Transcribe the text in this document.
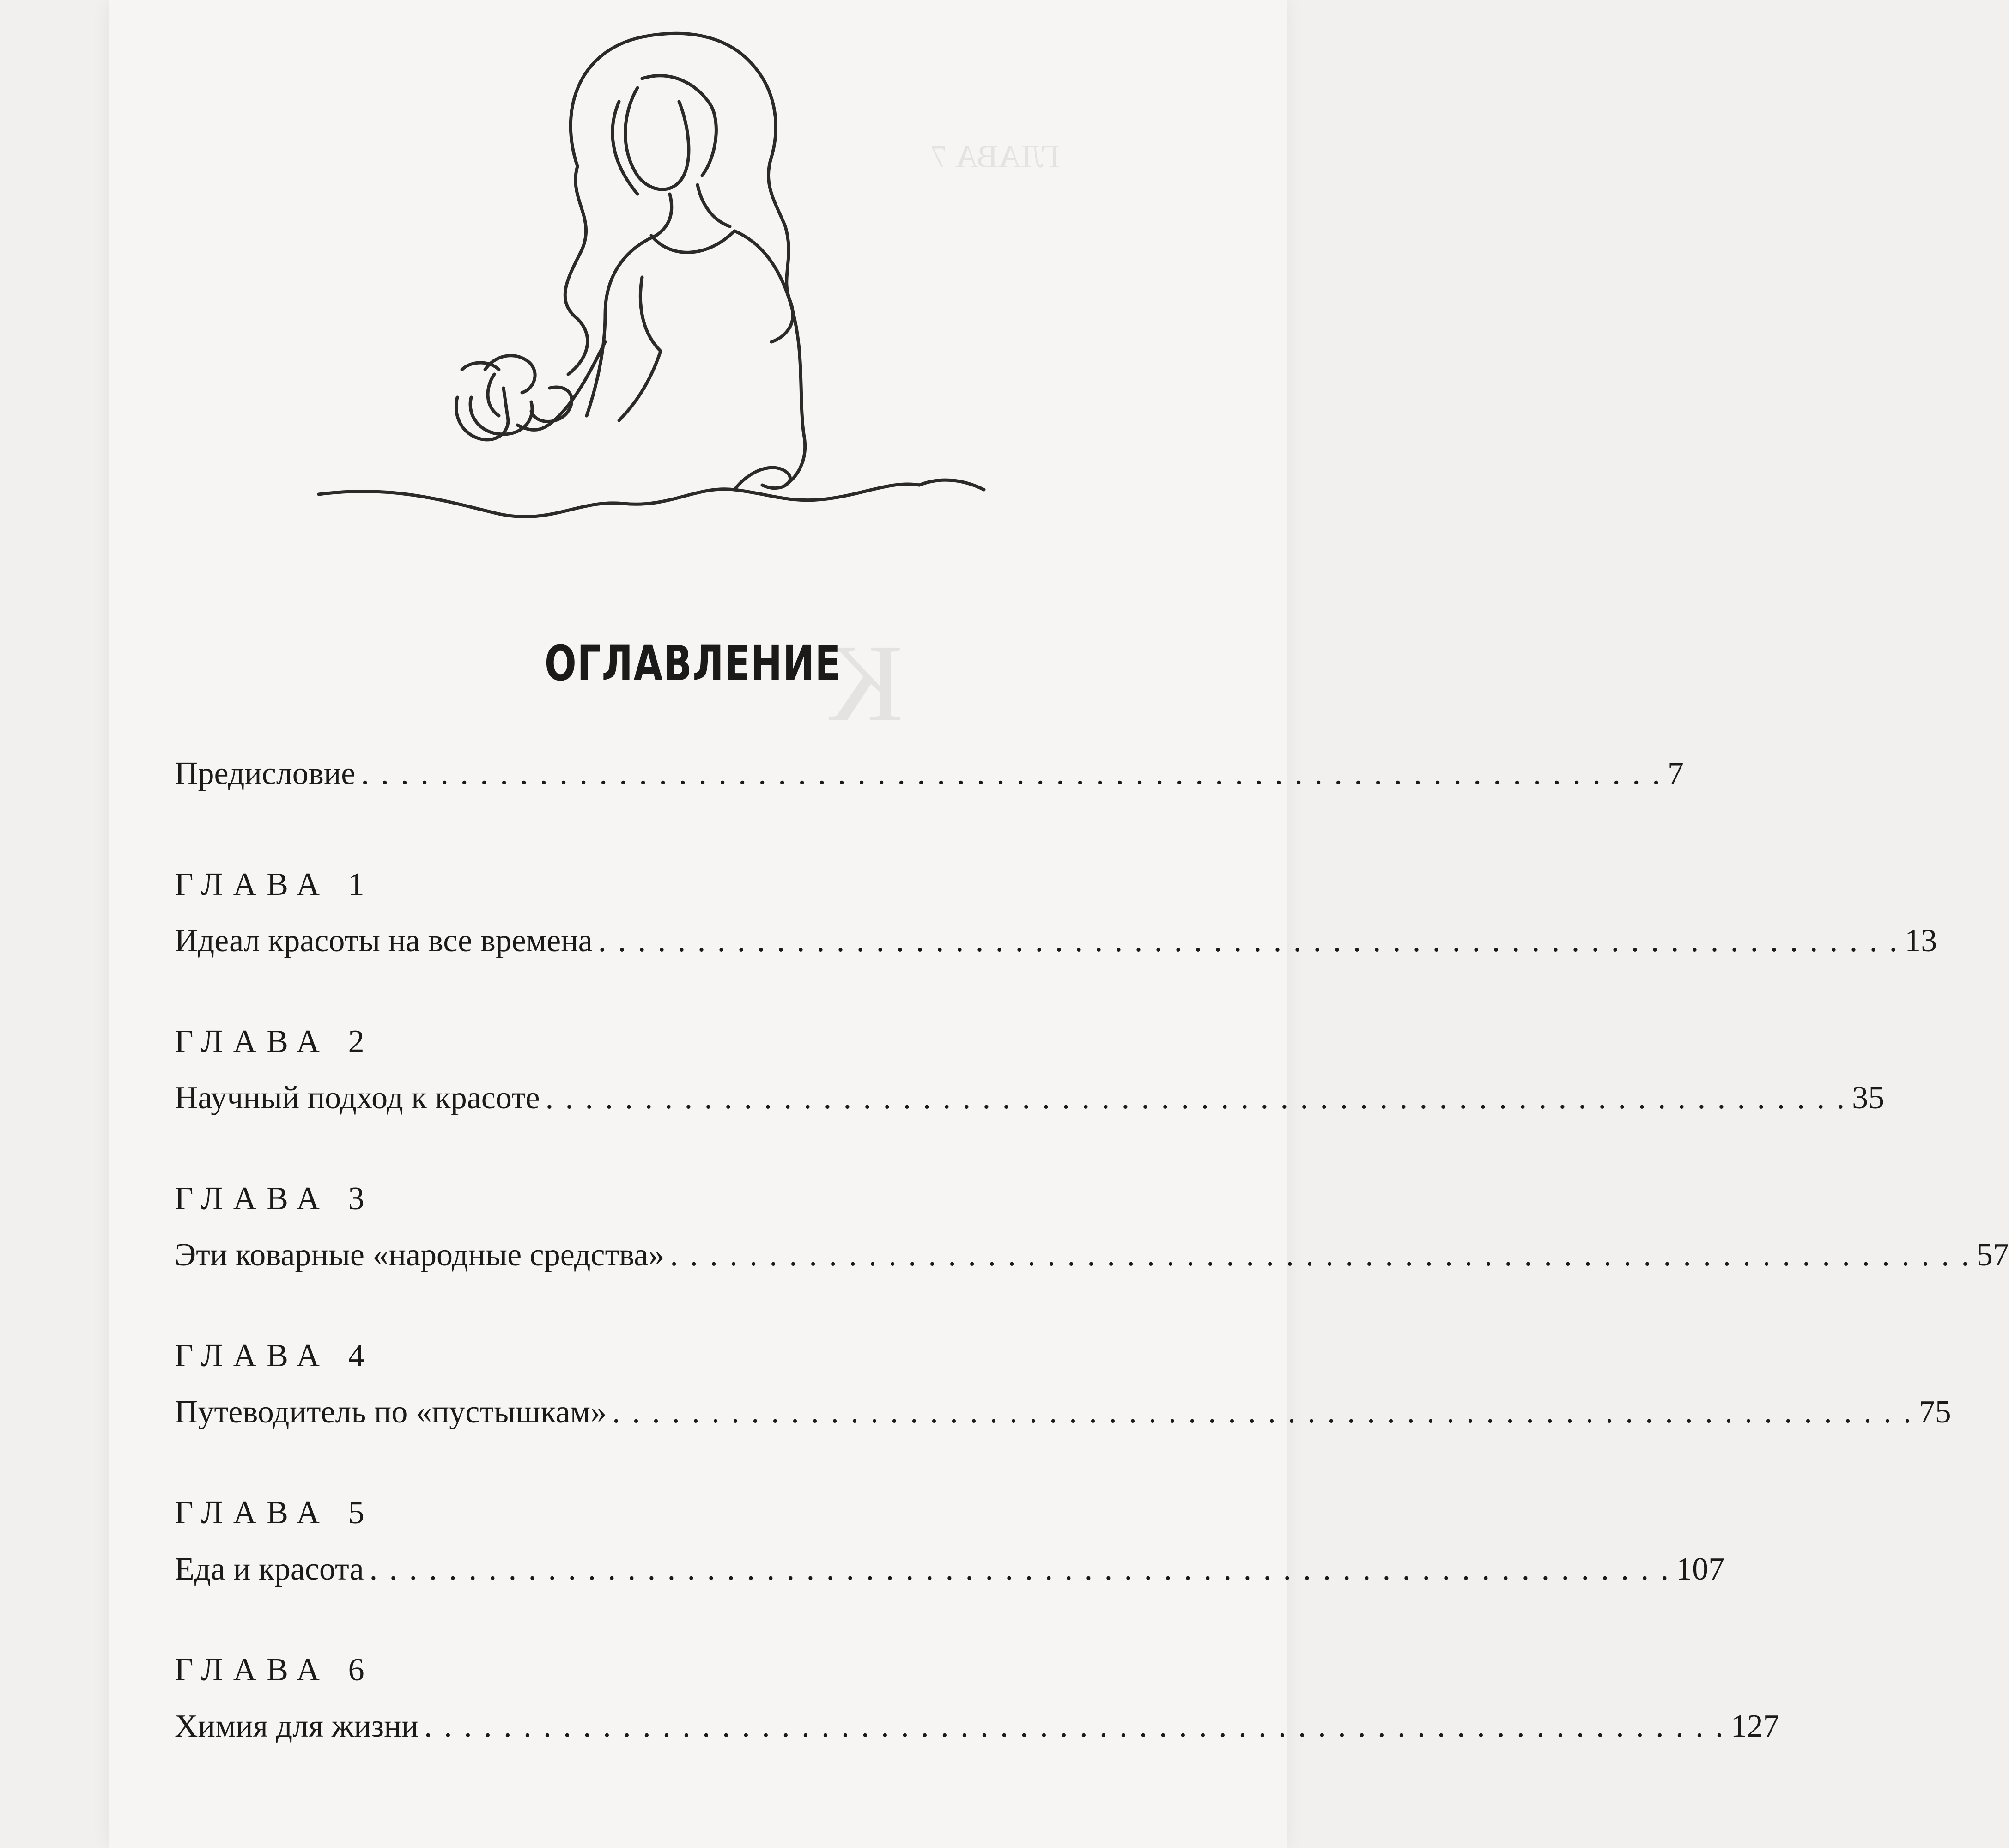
ГЛАВА 7
К
ОГЛАВЛЕНИЕ
Предисловие . . . . . . . . . . . . . . . . . . . . . . . . . . . . . . . . . . . . . . . . . . . . . . . . . . . . . . . . . . . . . . . . . . 7
ГЛАВА 1
Идеал красоты на все времена . . . . . . . . . . . . . . . . . . . . . . . . . . . . . . . . . . . . . . . . . . . . . . . . . . . . . . . . . . . . . . . . . . 13
ГЛАВА 2
Научный подход к красоте . . . . . . . . . . . . . . . . . . . . . . . . . . . . . . . . . . . . . . . . . . . . . . . . . . . . . . . . . . . . . . . . . . 35
ГЛАВА 3
Эти коварные «народные средства» . . . . . . . . . . . . . . . . . . . . . . . . . . . . . . . . . . . . . . . . . . . . . . . . . . . . . . . . . . . . . . . . . . 57
ГЛАВА 4
Путеводитель по «пустышкам» . . . . . . . . . . . . . . . . . . . . . . . . . . . . . . . . . . . . . . . . . . . . . . . . . . . . . . . . . . . . . . . . . . 75
ГЛАВА 5
Еда и красота . . . . . . . . . . . . . . . . . . . . . . . . . . . . . . . . . . . . . . . . . . . . . . . . . . . . . . . . . . . . . . . . . . 107
ГЛАВА 6
Химия для жизни . . . . . . . . . . . . . . . . . . . . . . . . . . . . . . . . . . . . . . . . . . . . . . . . . . . . . . . . . . . . . . . . . . 127
